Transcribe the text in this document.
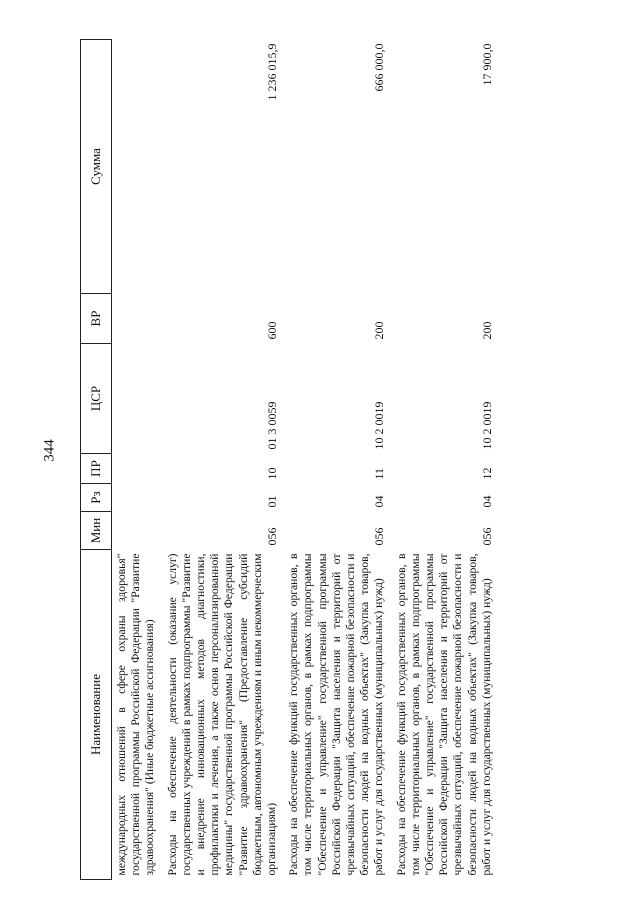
344
Наименование	Мин	Рз	ПР	ЦСР	ВР	Сумма
международных отношений в сфере охраны здоровья" государственной программы Российской Федерации "Развитие здравоохранения" (Иные бюджетные ассигнования)						
Расходы на обеспечение деятельности (оказание услуг) государственных учреждений в рамках подпрограммы "Развитие и внедрение инновационных методов диагностики, профилактики и лечения, а также основ персонализированной медицины" государственной программы Российской Федерации "Развитие здравоохранения" (Предоставление субсидий бюджетным, автономным учреждениям и иным некоммерческим организациям)	056	01	10	01 3 0059	600	1 236 015,9
Расходы на обеспечение функций государственных органов, в том числе территориальных органов, в рамках подпрограммы "Обеспечение и управление" государственной программы Российской Федерации "Защита населения и территорий от чрезвычайных ситуаций, обеспечение пожарной безопасности и безопасности людей на водных объектах" (Закупка товаров, работ и услуг для государственных (муниципальных) нужд)	056	04	11	10 2 0019	200	666 000,0
Расходы на обеспечение функций государственных органов, в том числе территориальных органов, в рамках подпрограммы "Обеспечение и управление" государственной программы Российской Федерации "Защита населения и территорий от чрезвычайных ситуаций, обеспечение пожарной безопасности и безопасности людей на водных объектах" (Закупка товаров, работ и услуг для государственных (муниципальных) нужд)	056	04	12	10 2 0019	200	17 900,0
